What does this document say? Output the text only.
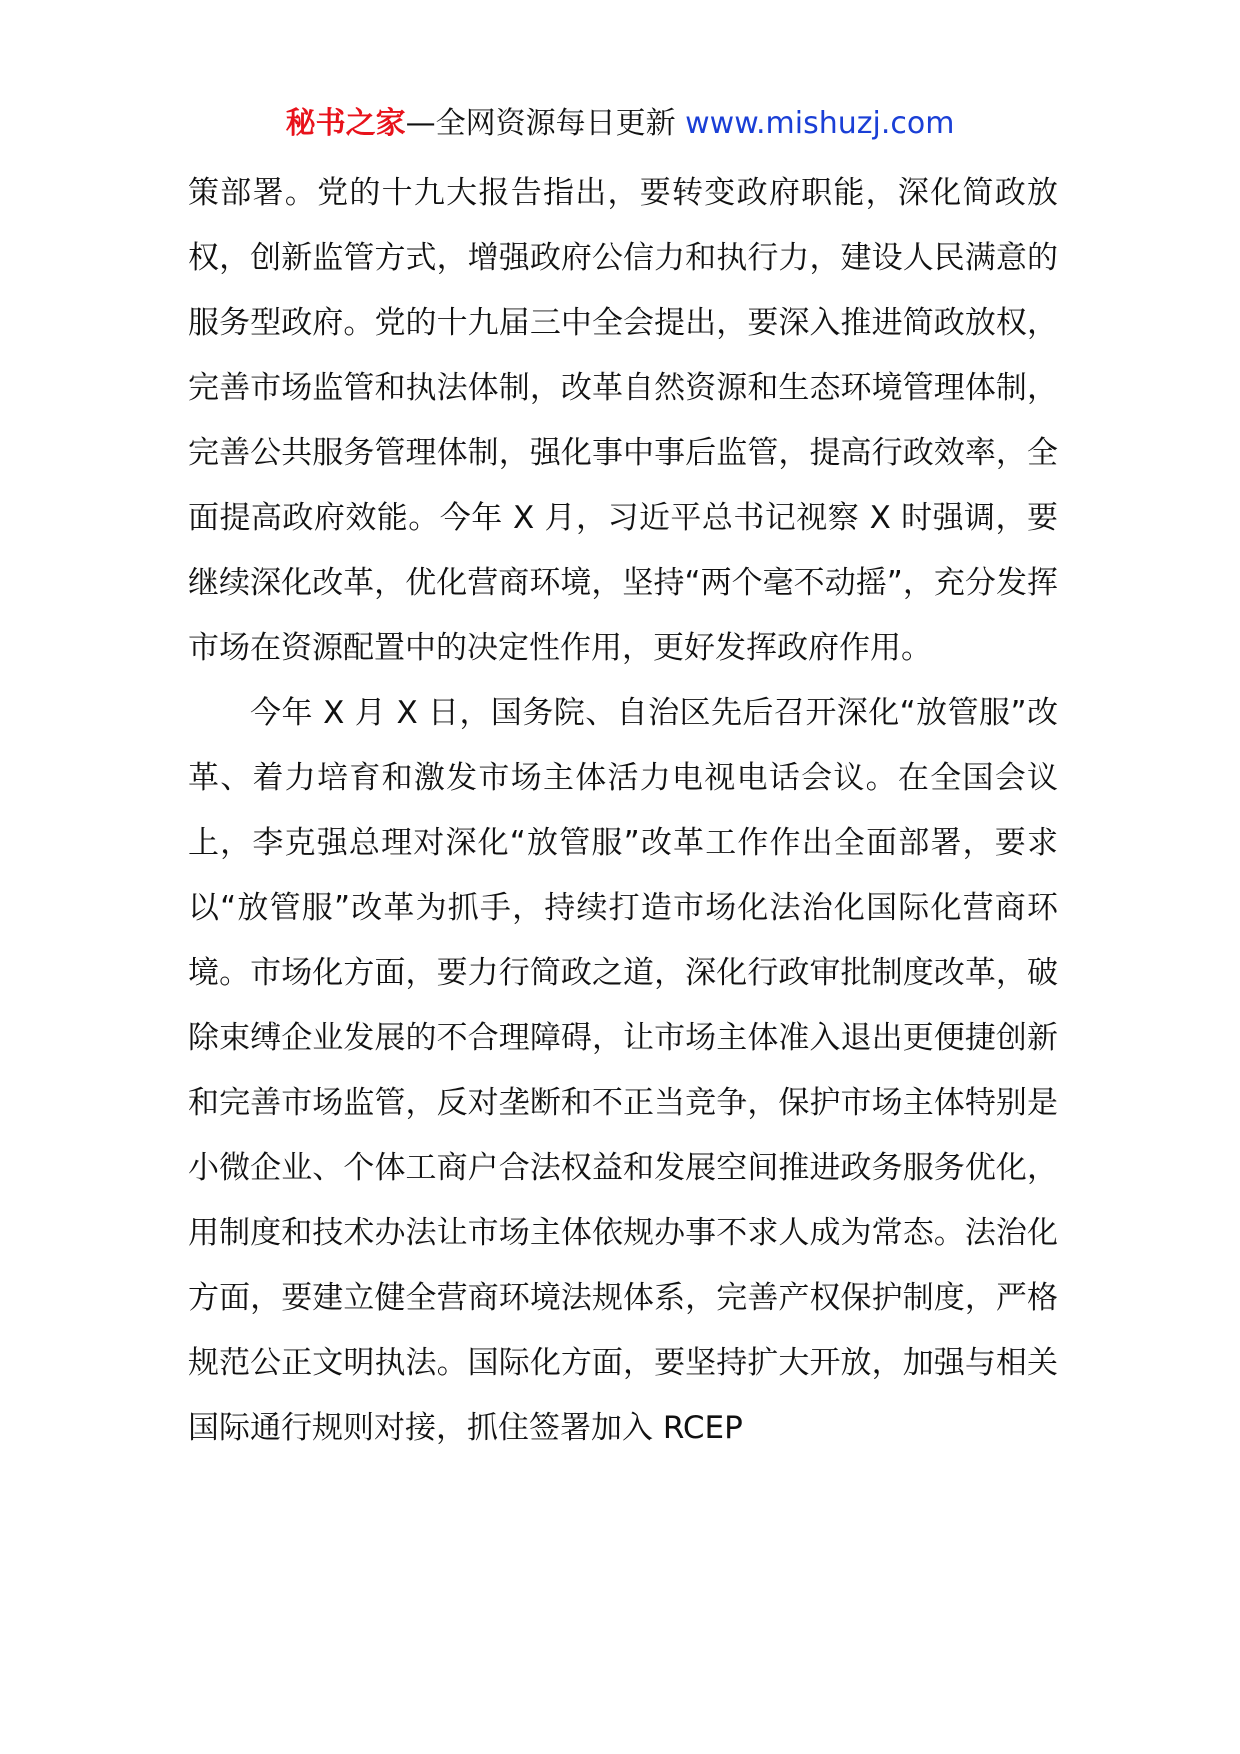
秘书之家—全网资源每日更新 www.mishuzj.com

策部署。党的十九大报告指出，要转变政府职能，深化简政放权，创新监管方式，增强政府公信力和执行力，建设人民满意的服务型政府。党的十九届三中全会提出，要深入推进简政放权，完善市场监管和执法体制，改革自然资源和生态环境管理体制，完善公共服务管理体制，强化事中事后监管，提高行政效率，全面提高政府效能。今年 X 月，习近平总书记视察 X 时强调，要继续深化改革，优化营商环境，坚持“两个毫不动摇”，充分发挥市场在资源配置中的决定性作用，更好发挥政府作用。

今年 X 月 X 日，国务院、自治区先后召开深化“放管服”改革、着力培育和激发市场主体活力电视电话会议。在全国会议上，李克强总理对深化“放管服”改革工作作出全面部署，要求以“放管服”改革为抓手，持续打造市场化法治化国际化营商环境。市场化方面，要力行简政之道，深化行政审批制度改革，破除束缚企业发展的不合理障碍，让市场主体准入退出更便捷创新和完善市场监管，反对垄断和不正当竞争，保护市场主体特别是小微企业、个体工商户合法权益和发展空间推进政务服务优化，用制度和技术办法让市场主体依规办事不求人成为常态。法治化方面，要建立健全营商环境法规体系，完善产权保护制度，严格规范公正文明执法。国际化方面，要坚持扩大开放，加强与相关国际通行规则对接，抓住签署加入 RCEP
